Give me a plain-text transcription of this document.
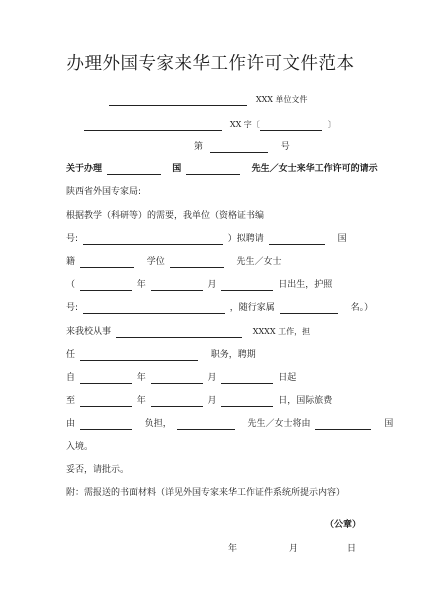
办理外国专家来华工作许可文件范本
XXX 单位文件
XX 字〔	〕
第	号
关于办理	国	先生／女士来华工作许可的请示
陕西省外国专家局:
根据教学（科研等）的需要，我单位（资格证书编
号:	）拟聘请	国
籍	学位	先生／女士
（	年	月	日出生，护照
号:	，随行家属	名。）
来我校从事	XXXX 工作，担
任	职务，聘期
自	年	月	日起
至	年	月	日，国际旅费
由	负担，	先生／女士将由	国
入境。
妥否，请批示。
附：需报送的书面材料（详见外国专家来华工作证件系统所提示内容）
（公章）
年	月	日
